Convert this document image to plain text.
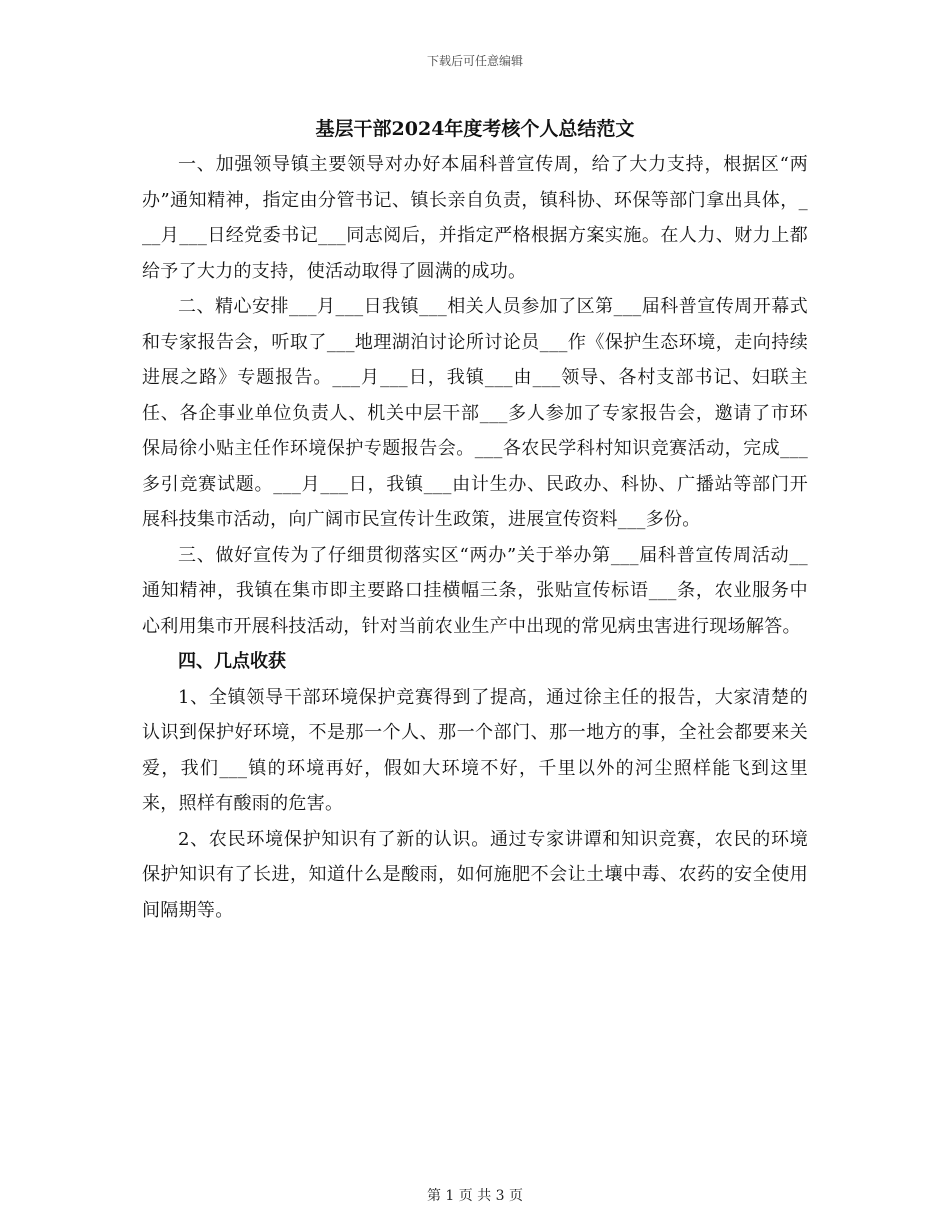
下载后可任意编辑
基层干部2024年度考核个人总结范文

一、加强领导镇主要领导对办好本届科普宣传周，给了大力支持，根据区“两办”通知精神，指定由分管书记、镇长亲自负责，镇科协、环保等部门拿出具体，___月___日经党委书记___同志阅后，并指定严格根据方案实施。在人力、财力上都给予了大力的支持，使活动取得了圆满的成功。

二、精心安排___月___日我镇___相关人员参加了区第___届科普宣传周开幕式和专家报告会，听取了___地理湖泊讨论所讨论员___作《保护生态环境，走向持续进展之路》专题报告。___月___日，我镇___由___领导、各村支部书记、妇联主任、各企事业单位负责人、机关中层干部___多人参加了专家报告会，邀请了市环保局徐小贴主任作环境保护专题报告会。___各农民学科村知识竞赛活动，完成___多引竞赛试题。___月___日，我镇___由计生办、民政办、科协、广播站等部门开展科技集市活动，向广阔市民宣传计生政策，进展宣传资料___多份。

三、做好宣传为了仔细贯彻落实区“两办”关于举办第___届科普宣传周活动__通知精神，我镇在集市即主要路口挂横幅三条，张贴宣传标语___条，农业服务中心利用集市开展科技活动，针对当前农业生产中出现的常见病虫害进行现场解答。

四、几点收获

1、全镇领导干部环境保护竞赛得到了提高，通过徐主任的报告，大家清楚的认识到保护好环境，不是那一个人、那一个部门、那一地方的事，全社会都要来关爱，我们___镇的环境再好，假如大环境不好，千里以外的河尘照样能飞到这里来，照样有酸雨的危害。

2、农民环境保护知识有了新的认识。通过专家讲谭和知识竞赛，农民的环境保护知识有了长进，知道什么是酸雨，如何施肥不会让土壤中毒、农药的安全使用间隔期等。

第 1 页 共 3 页
